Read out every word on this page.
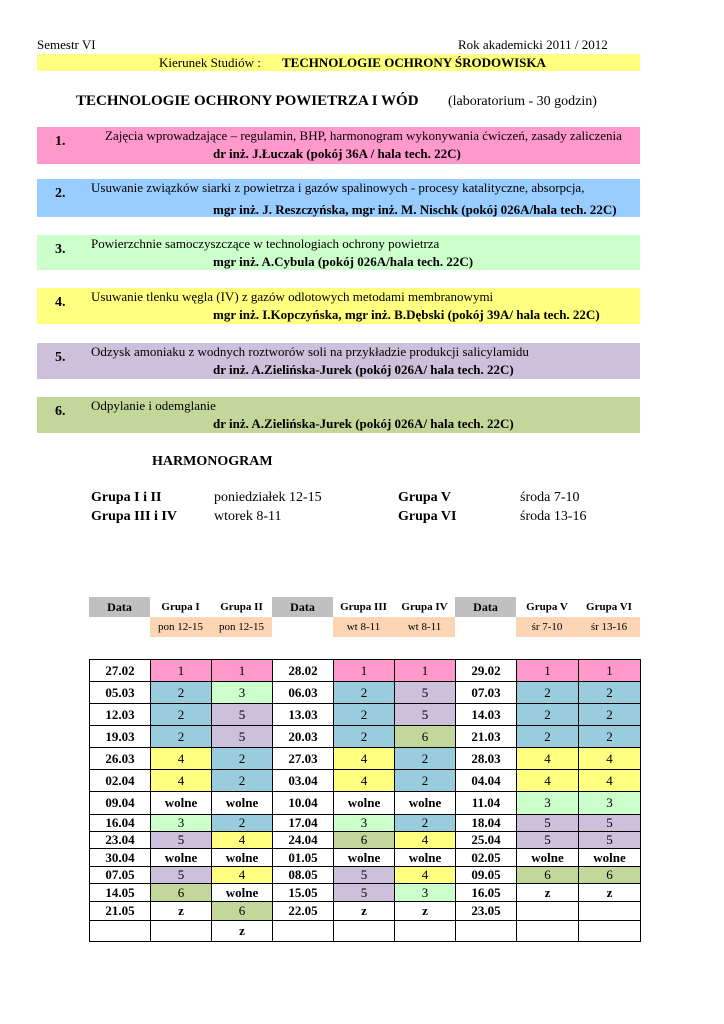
Semestr VI	Rok akademicki 2011 / 2012
Kierunek Studiów : TECHNOLOGIE OCHRONY ŚRODOWISKA
TECHNOLOGIE OCHRONY POWIETRZA I WÓD (laboratorium - 30 godzin)
1.	Zajęcia wprowadzające – regulamin, BHP, harmonogram wykonywania ćwiczeń, zasady zaliczenia
dr inż. J.Łuczak (pokój 36A / hala tech. 22C)
2. Usuwanie związków siarki z powietrza i gazów spalinowych - procesy katalityczne, absorpcja,
mgr inż. J. Reszczyńska, mgr inż. M. Nischk (pokój 026A/hala tech. 22C)
3. Powierzchnie samoczyszczące w technologiach ochrony powietrza
mgr inż. A.Cybula (pokój 026A/hala tech. 22C)
4. Usuwanie tlenku węgla (IV) z gazów odlotowych metodami membranowymi
mgr inż. I.Kopczyńska, mgr inż. B.Dębski (pokój 39A/ hala tech. 22C)
5. Odzysk amoniaku z wodnych roztworów soli na przykładzie produkcji salicylamidu
dr inż. A.Zielińska-Jurek (pokój 026A/ hala tech. 22C)
6. Odpylanie i odemglanie
dr inż. A.Zielińska-Jurek (pokój 026A/ hala tech. 22C)
HARMONOGRAM
Grupa I i II	poniedziałek 12-15
Grupa III i IV	wtorek 8-11
Grupa V	środa 7-10
Grupa VI	środa 13-16
Data	Grupa I	Grupa II	Data	Grupa III	Grupa IV	Data	Grupa V	Grupa VI
	pon 12-15	pon 12-15		wt 8-11	wt 8-11		śr 7-10	śr 13-16
27.02	1	1	28.02	1	1	29.02	1	1
05.03	2	3	06.03	2	5	07.03	2	2
12.03	2	5	13.03	2	5	14.03	2	2
19.03	2	5	20.03	2	6	21.03	2	2
26.03	4	2	27.03	4	2	28.03	4	4
02.04	4	2	03.04	4	2	04.04	4	4
09.04	wolne	wolne	10.04	wolne	wolne	11.04	3	3
16.04	3	2	17.04	3	2	18.04	5	5
23.04	5	4	24.04	6	4	25.04	5	5
30.04	wolne	wolne	01.05	wolne	wolne	02.05	wolne	wolne
07.05	5	4	08.05	5	4	09.05	6	6
14.05	6	wolne	15.05	5	3	16.05	z	z
21.05	z	6	22.05	z	z	23.05		
		z						
